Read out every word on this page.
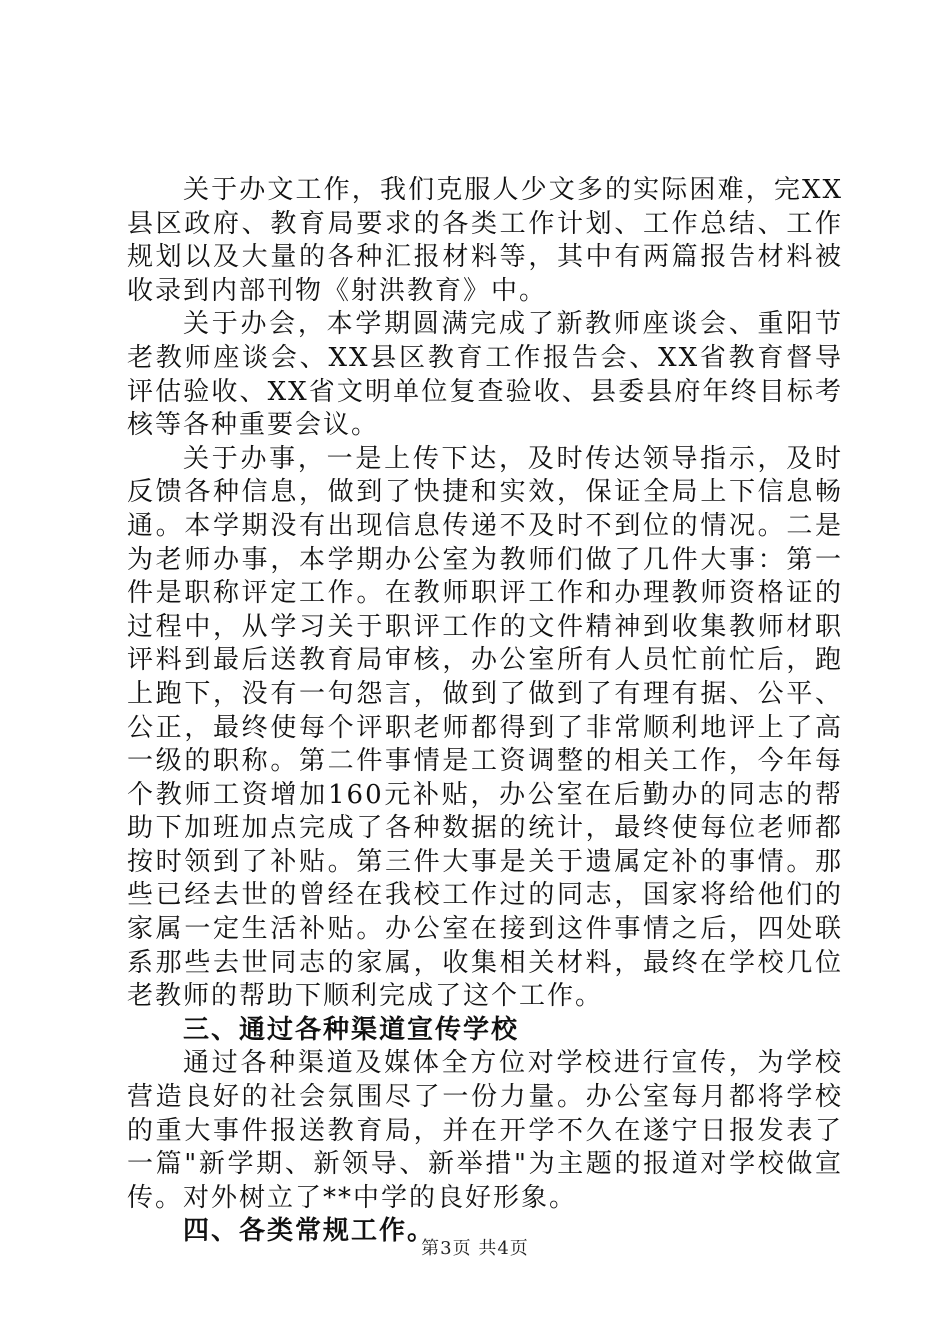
关于办文工作，我们克服人少文多的实际困难，完XX县区政府、教育局要求的各类工作计划、工作总结、工作规划以及大量的各种汇报材料等，其中有两篇报告材料被收录到内部刊物《射洪教育》中。

关于办会，本学期圆满完成了新教师座谈会、重阳节老教师座谈会、XX县区教育工作报告会、XX省教育督导评估验收、XX省文明单位复查验收、县委县府年终目标考核等各种重要会议。

关于办事，一是上传下达，及时传达领导指示，及时反馈各种信息，做到了快捷和实效，保证全局上下信息畅通。本学期没有出现信息传递不及时不到位的情况。二是为老师办事，本学期办公室为教师们做了几件大事：第一件是职称评定工作。在教师职评工作和办理教师资格证的过程中，从学习关于职评工作的文件精神到收集教师材职评料到最后送教育局审核，办公室所有人员忙前忙后，跑上跑下，没有一句怨言，做到了做到了有理有据、公平、公正，最终使每个评职老师都得到了非常顺利地评上了高一级的职称。第二件事情是工资调整的相关工作，今年每个教师工资增加160元补贴，办公室在后勤办的同志的帮助下加班加点完成了各种数据的统计，最终使每位老师都按时领到了补贴。第三件大事是关于遗属定补的事情。那些已经去世的曾经在我校工作过的同志，国家将给他们的家属一定生活补贴。办公室在接到这件事情之后，四处联系那些去世同志的家属，收集相关材料，最终在学校几位老教师的帮助下顺利完成了这个工作。

三、通过各种渠道宣传学校

通过各种渠道及媒体全方位对学校进行宣传，为学校营造良好的社会氛围尽了一份力量。办公室每月都将学校的重大事件报送教育局，并在开学不久在遂宁日报发表了一篇"新学期、新领导、新举措"为主题的报道对学校做宣传。对外树立了**中学的良好形象。

四、各类常规工作。

第3页 共4页
